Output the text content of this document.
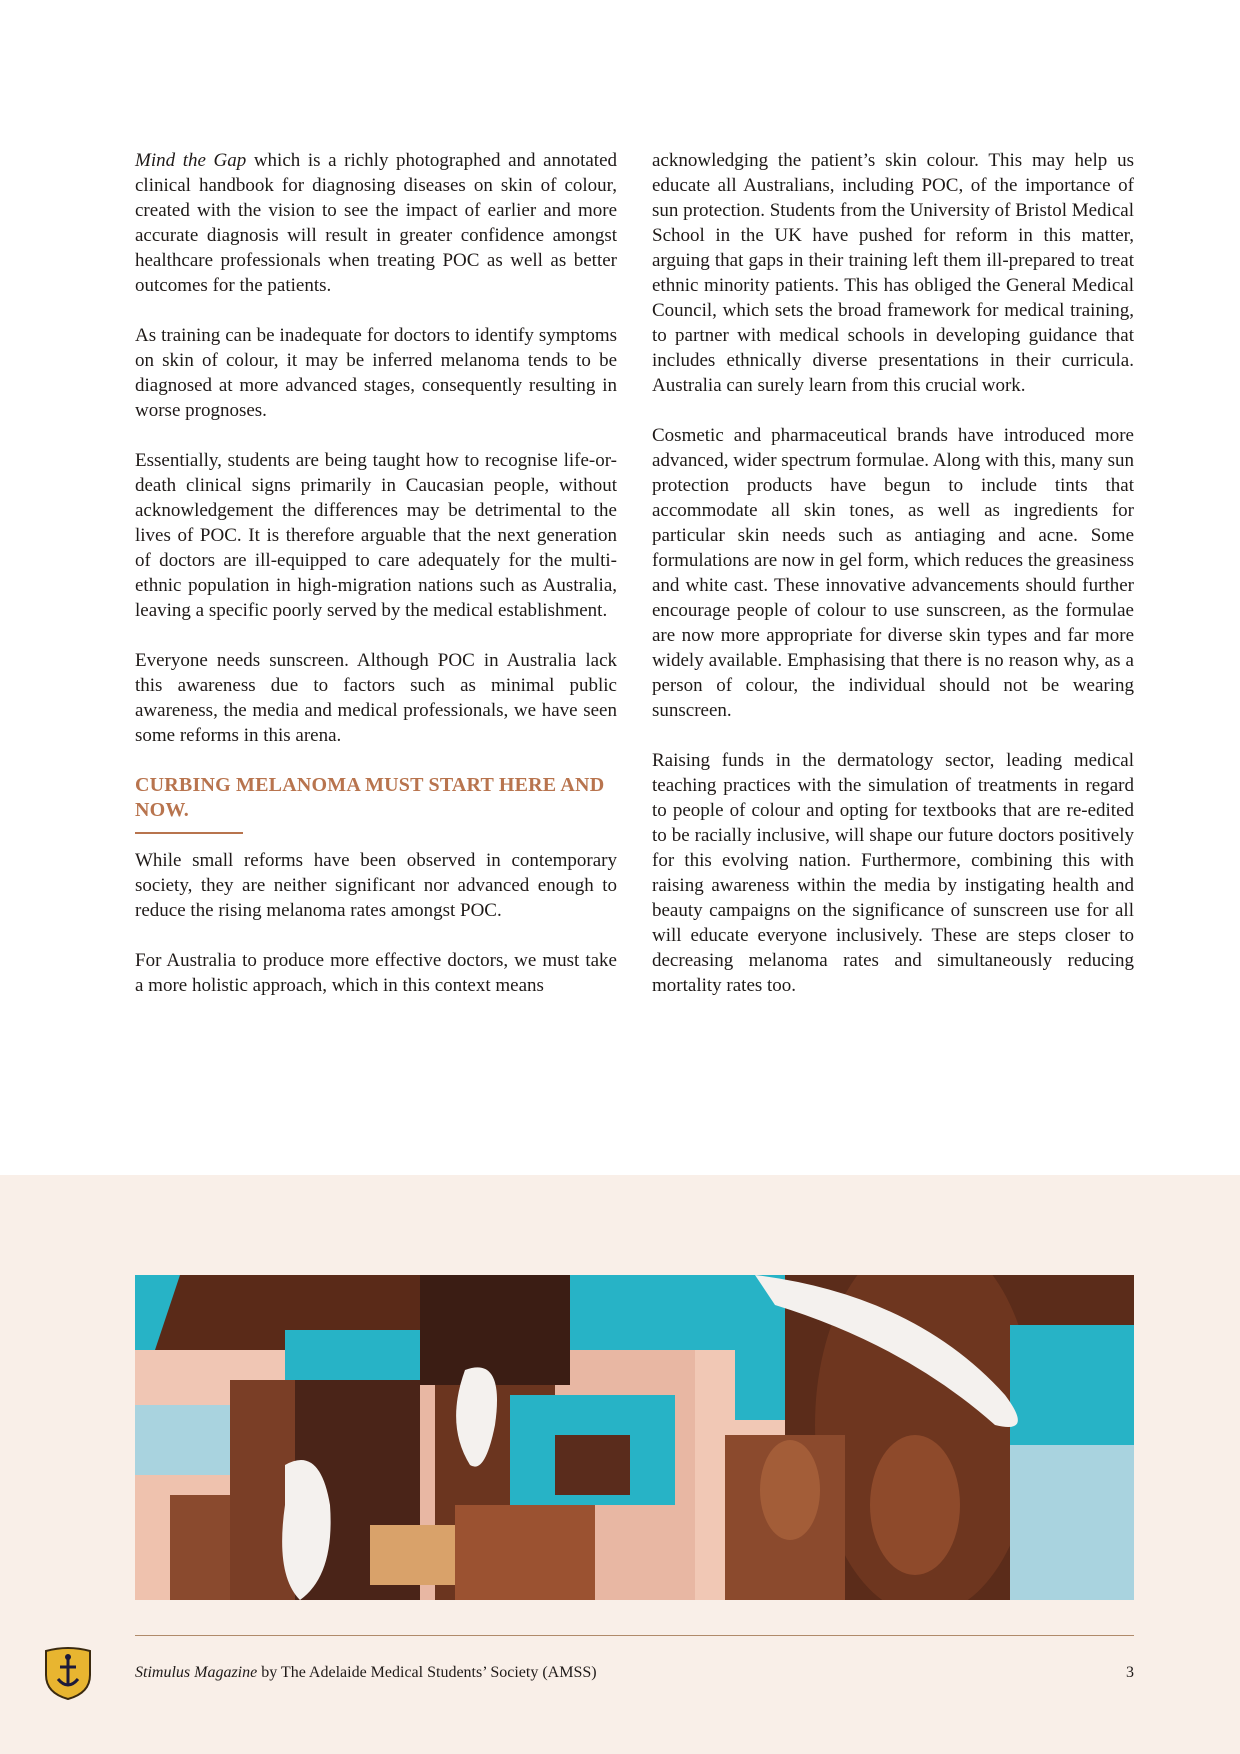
Mind the Gap which is a richly photographed and annotated clinical handbook for diagnosing diseases on skin of colour, created with the vision to see the impact of earlier and more accurate diagnosis will result in greater confidence amongst healthcare professionals when treating POC as well as better outcomes for the patients.

As training can be inadequate for doctors to identify symptoms on skin of colour, it may be inferred melanoma tends to be diagnosed at more advanced stages, consequently resulting in worse prognoses.

Essentially, students are being taught how to recognise life-or-death clinical signs primarily in Caucasian people, without acknowledgement the differences may be detrimental to the lives of POC. It is therefore arguable that the next generation of doctors are ill-equipped to care adequately for the multi-ethnic population in high-migration nations such as Australia, leaving a specific poorly served by the medical establishment.

Everyone needs sunscreen. Although POC in Australia lack this awareness due to factors such as minimal public awareness, the media and medical professionals, we have seen some reforms in this arena.

CURBING MELANOMA MUST START HERE AND NOW.

While small reforms have been observed in contemporary society, they are neither significant nor advanced enough to reduce the rising melanoma rates amongst POC.

For Australia to produce more effective doctors, we must take a more holistic approach, which in this context means

acknowledging the patient’s skin colour. This may help us educate all Australians, including POC, of the importance of sun protection. Students from the University of Bristol Medical School in the UK have pushed for reform in this matter, arguing that gaps in their training left them ill-prepared to treat ethnic minority patients. This has obliged the General Medical Council, which sets the broad framework for medical training, to partner with medical schools in developing guidance that includes ethnically diverse presentations in their curricula. Australia can surely learn from this crucial work.

Cosmetic and pharmaceutical brands have introduced more advanced, wider spectrum formulae. Along with this, many sun protection products have begun to include tints that accommodate all skin tones, as well as ingredients for particular skin needs such as antiaging and acne. Some formulations are now in gel form, which reduces the greasiness and white cast. These innovative advancements should further encourage people of colour to use sunscreen, as the formulae are now more appropriate for diverse skin types and far more widely available. Emphasising that there is no reason why, as a person of colour, the individual should not be wearing sunscreen.

Raising funds in the dermatology sector, leading medical teaching practices with the simulation of treatments in regard to people of colour and opting for textbooks that are re-edited to be racially inclusive, will shape our future doctors positively for this evolving nation. Furthermore, combining this with raising awareness within the media by instigating health and beauty campaigns on the significance of sunscreen use for all will educate everyone inclusively. These are steps closer to decreasing melanoma rates and simultaneously reducing mortality rates too.

Stimulus Magazine by The Adelaide Medical Students’ Society (AMSS)	3
